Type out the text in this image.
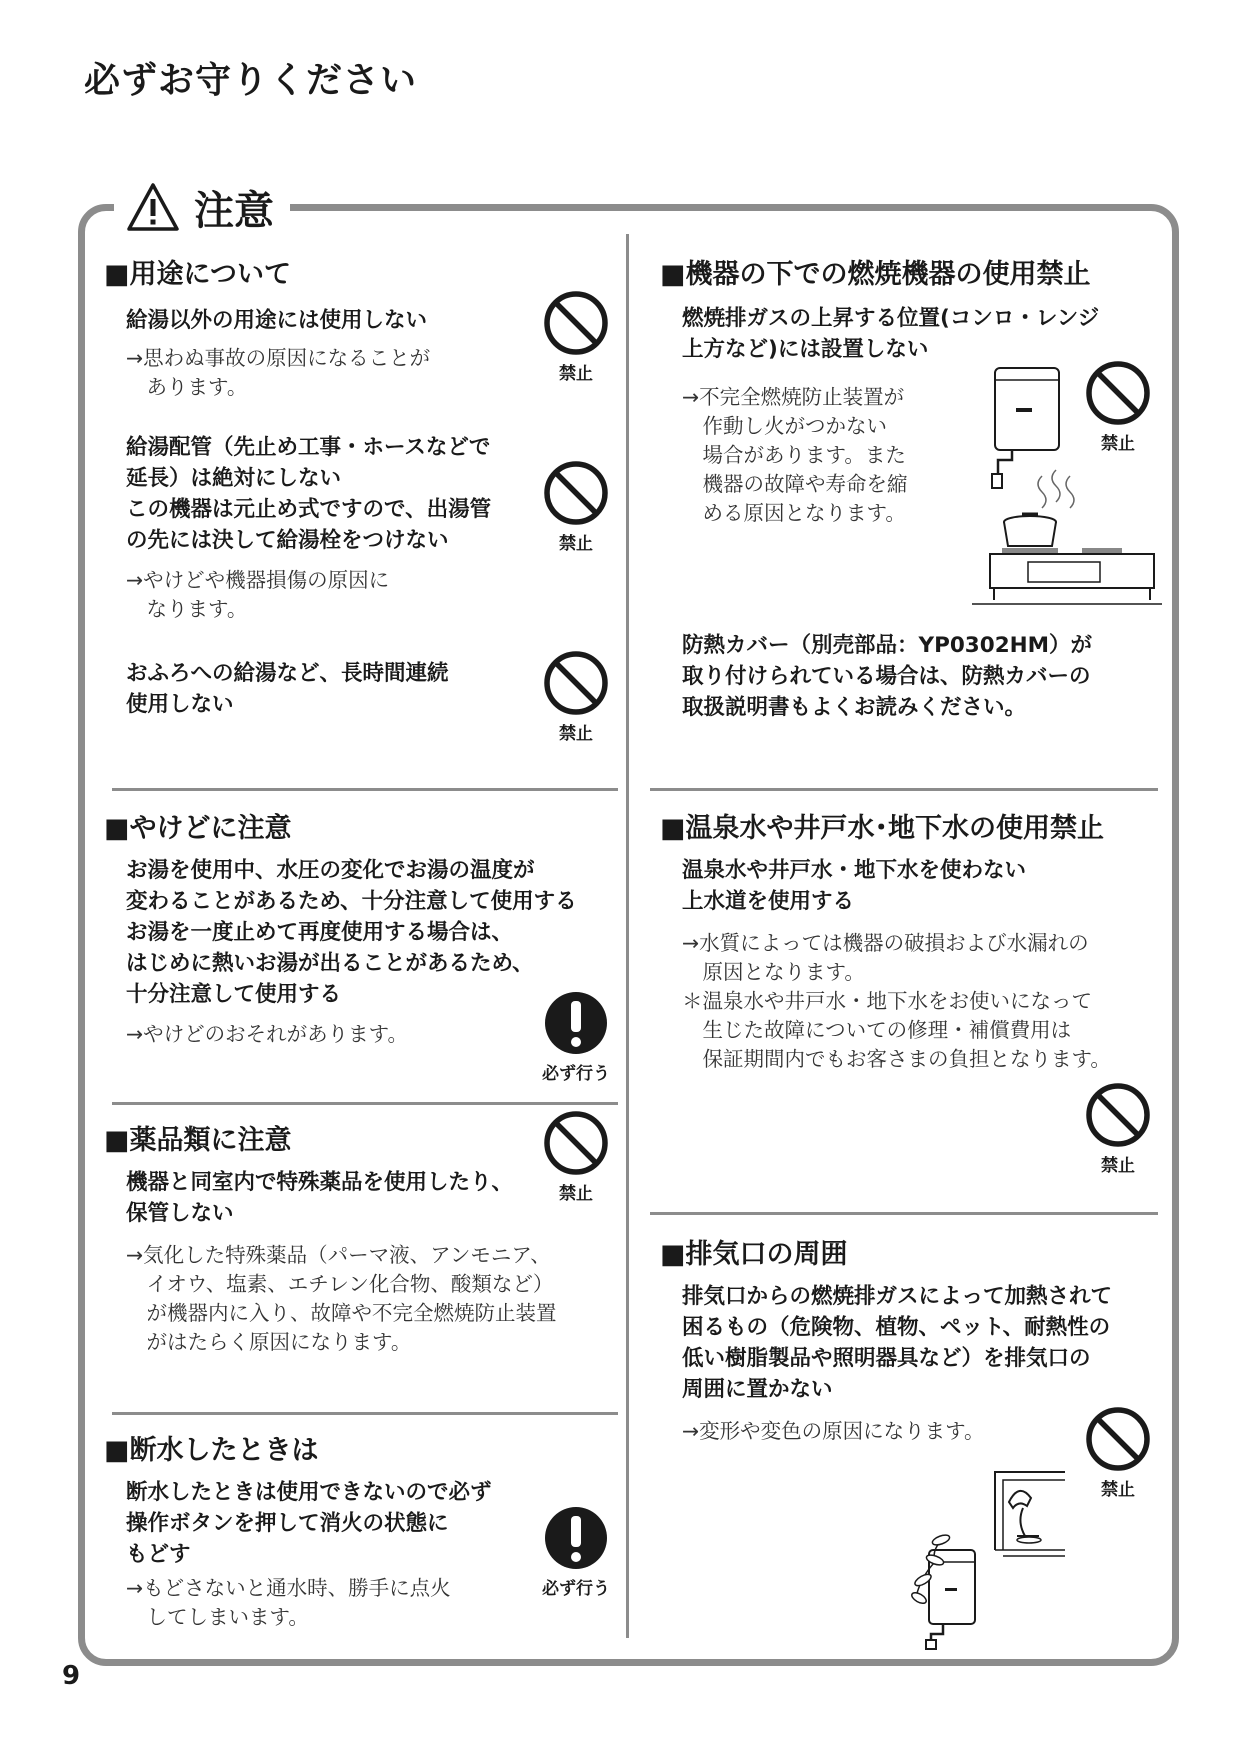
必ずお守りください
注意
■用途について
給湯以外の用途には使用しない
→思わぬ事故の原因になることが
　あります。
給湯配管（先止め工事・ホースなどで
延長）は絶対にしない
この機器は元止め式ですので、出湯管
の先には決して給湯栓をつけない
→やけどや機器損傷の原因に
　なります。
おふろへの給湯など、長時間連続
使用しない
禁止
禁止
禁止
■やけどに注意
お湯を使用中、水圧の変化でお湯の温度が
変わることがあるため、十分注意して使用する
お湯を一度止めて再度使用する場合は、
はじめに熱いお湯が出ることがあるため、
十分注意して使用する
→やけどのおそれがあります。
必ず行う
■薬品類に注意
機器と同室内で特殊薬品を使用したり、
保管しない
→気化した特殊薬品（パーマ液、アンモニア、
　イオウ、塩素、エチレン化合物、酸類など）
　が機器内に入り、故障や不完全燃焼防止装置
　がはたらく原因になります。
禁止
■断水したときは
断水したときは使用できないので必ず
操作ボタンを押して消火の状態に
もどす
→もどさないと通水時、勝手に点火
　してしまいます。
必ず行う
■機器の下での燃焼機器の使用禁止
燃焼排ガスの上昇する位置(コンロ・レンジ
上方など)には設置しない
→不完全燃焼防止装置が
　作動し火がつかない
　場合があります。また
　機器の故障や寿命を縮
　める原因となります。
防熱カバー（別売部品：YP0302HM）が
取り付けられている場合は、防熱カバーの
取扱説明書もよくお読みください。
禁止
■温泉水や井戸水･地下水の使用禁止
温泉水や井戸水・地下水を使わない
上水道を使用する
→水質によっては機器の破損および水漏れの
　原因となります。
＊温泉水や井戸水・地下水をお使いになって
　生じた故障についての修理・補償費用は
　保証期間内でもお客さまの負担となります。
禁止
■排気口の周囲
排気口からの燃焼排ガスによって加熱されて
困るもの（危険物、植物、ペット、耐熱性の
低い樹脂製品や照明器具など）を排気口の
周囲に置かない
→変形や変色の原因になります。
禁止
9
